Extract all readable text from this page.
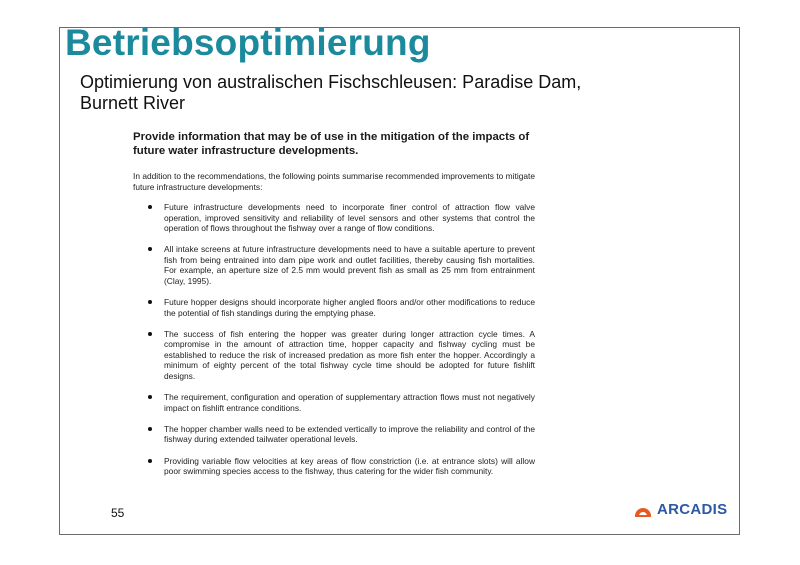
Betriebsoptimierung
Optimierung von australischen Fischschleusen: Paradise Dam, Burnett River
Provide information that may be of use in the mitigation of the impacts of future water infrastructure developments.
In addition to the recommendations, the following points summarise recommended improvements to mitigate future infrastructure developments:
Future infrastructure developments need to incorporate finer control of attraction flow valve operation, improved sensitivity and reliability of level sensors and other systems that control the operation of flows throughout the fishway over a range of flow conditions.
All intake screens at future infrastructure developments need to have a suitable aperture to prevent fish from being entrained into dam pipe work and outlet facilities, thereby causing fish mortalities. For example, an aperture size of 2.5 mm would prevent fish as small as 25 mm from entrainment (Clay, 1995).
Future hopper designs should incorporate higher angled floors and/or other modifications to reduce the potential of fish standings during the emptying phase.
The success of fish entering the hopper was greater during longer attraction cycle times. A compromise in the amount of attraction time, hopper capacity and fishway cycling must be established to reduce the risk of increased predation as more fish enter the hopper. Accordingly a minimum of eighty percent of the total fishway cycle time should be adopted for future fishlift designs.
The requirement, configuration and operation of supplementary attraction flows must not negatively impact on fishlift entrance conditions.
The hopper chamber walls need to be extended vertically to improve the reliability and control of the fishway during extended tailwater operational levels.
Providing variable flow velocities at key areas of flow constriction (i.e. at entrance slots) will allow poor swimming species access to the fishway, thus catering for the wider fish community.
55	ARCADIS
